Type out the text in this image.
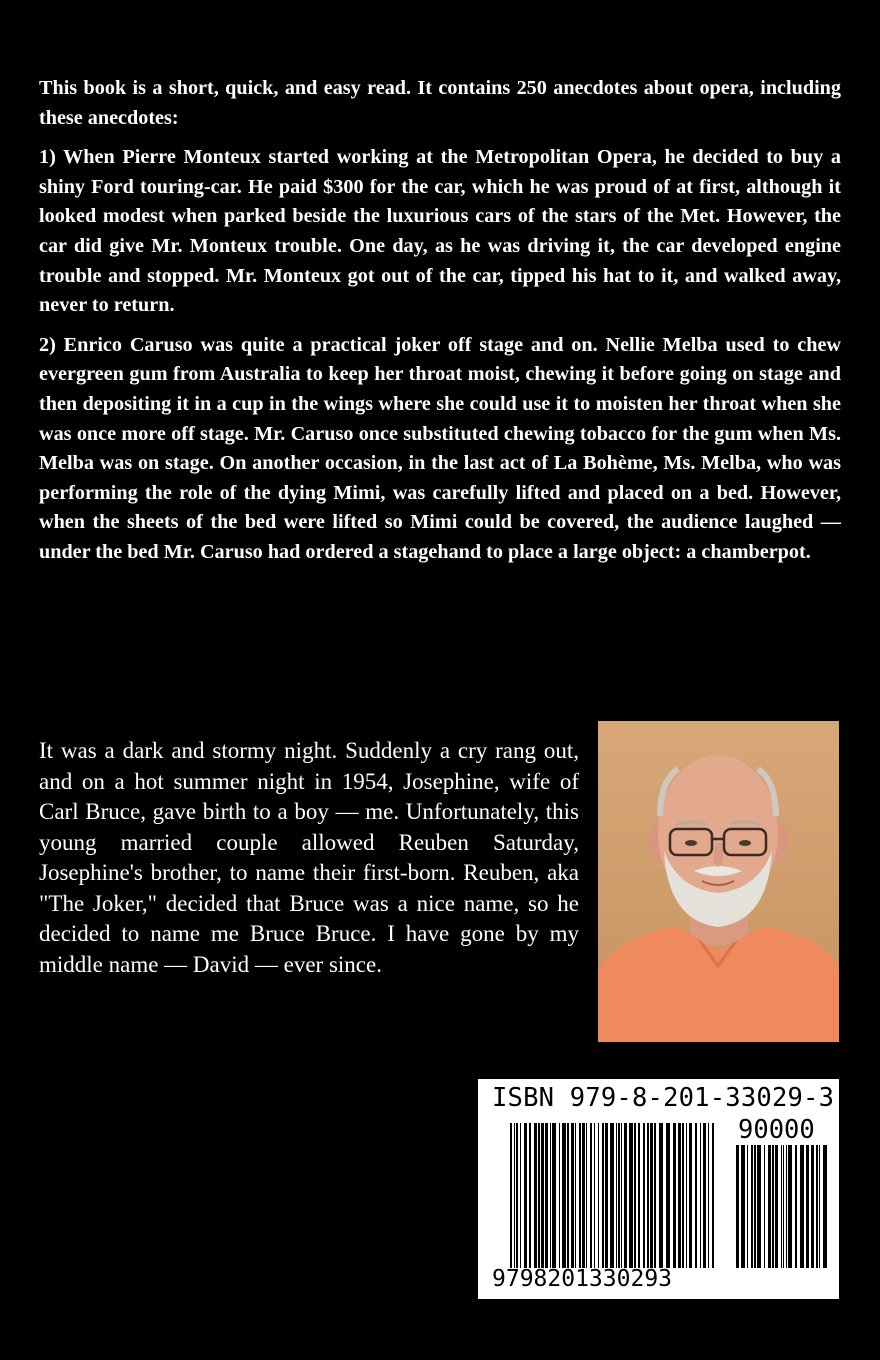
This book is a short, quick, and easy read. It contains 250 anecdotes about opera, including these anecdotes:

1) When Pierre Monteux started working at the Metropolitan Opera, he decided to buy a shiny Ford touring-car. He paid $300 for the car, which he was proud of at first, although it looked modest when parked beside the luxurious cars of the stars of the Met. However, the car did give Mr. Monteux trouble. One day, as he was driving it, the car developed engine trouble and stopped. Mr. Monteux got out of the car, tipped his hat to it, and walked away, never to return.

2) Enrico Caruso was quite a practical joker off stage and on. Nellie Melba used to chew evergreen gum from Australia to keep her throat moist, chewing it before going on stage and then depositing it in a cup in the wings where she could use it to moisten her throat when she was once more off stage. Mr. Caruso once substituted chewing tobacco for the gum when Ms. Melba was on stage. On another occasion, in the last act of La Bohème, Ms. Melba, who was performing the role of the dying Mimi, was carefully lifted and placed on a bed. However, when the sheets of the bed were lifted so Mimi could be covered, the audience laughed — under the bed Mr. Caruso had ordered a stagehand to place a large object: a chamberpot.

It was a dark and stormy night. Suddenly a cry rang out, and on a hot summer night in 1954, Josephine, wife of Carl Bruce, gave birth to a boy — me. Unfortunately, this young married couple allowed Reuben Saturday, Josephine's brother, to name their first-born. Reuben, aka "The Joker," decided that Bruce was a nice name, so he decided to name me Bruce Bruce. I have gone by my middle name — David — ever since.
ISBN 979-8-201-33029-3
90000
9798201330293
